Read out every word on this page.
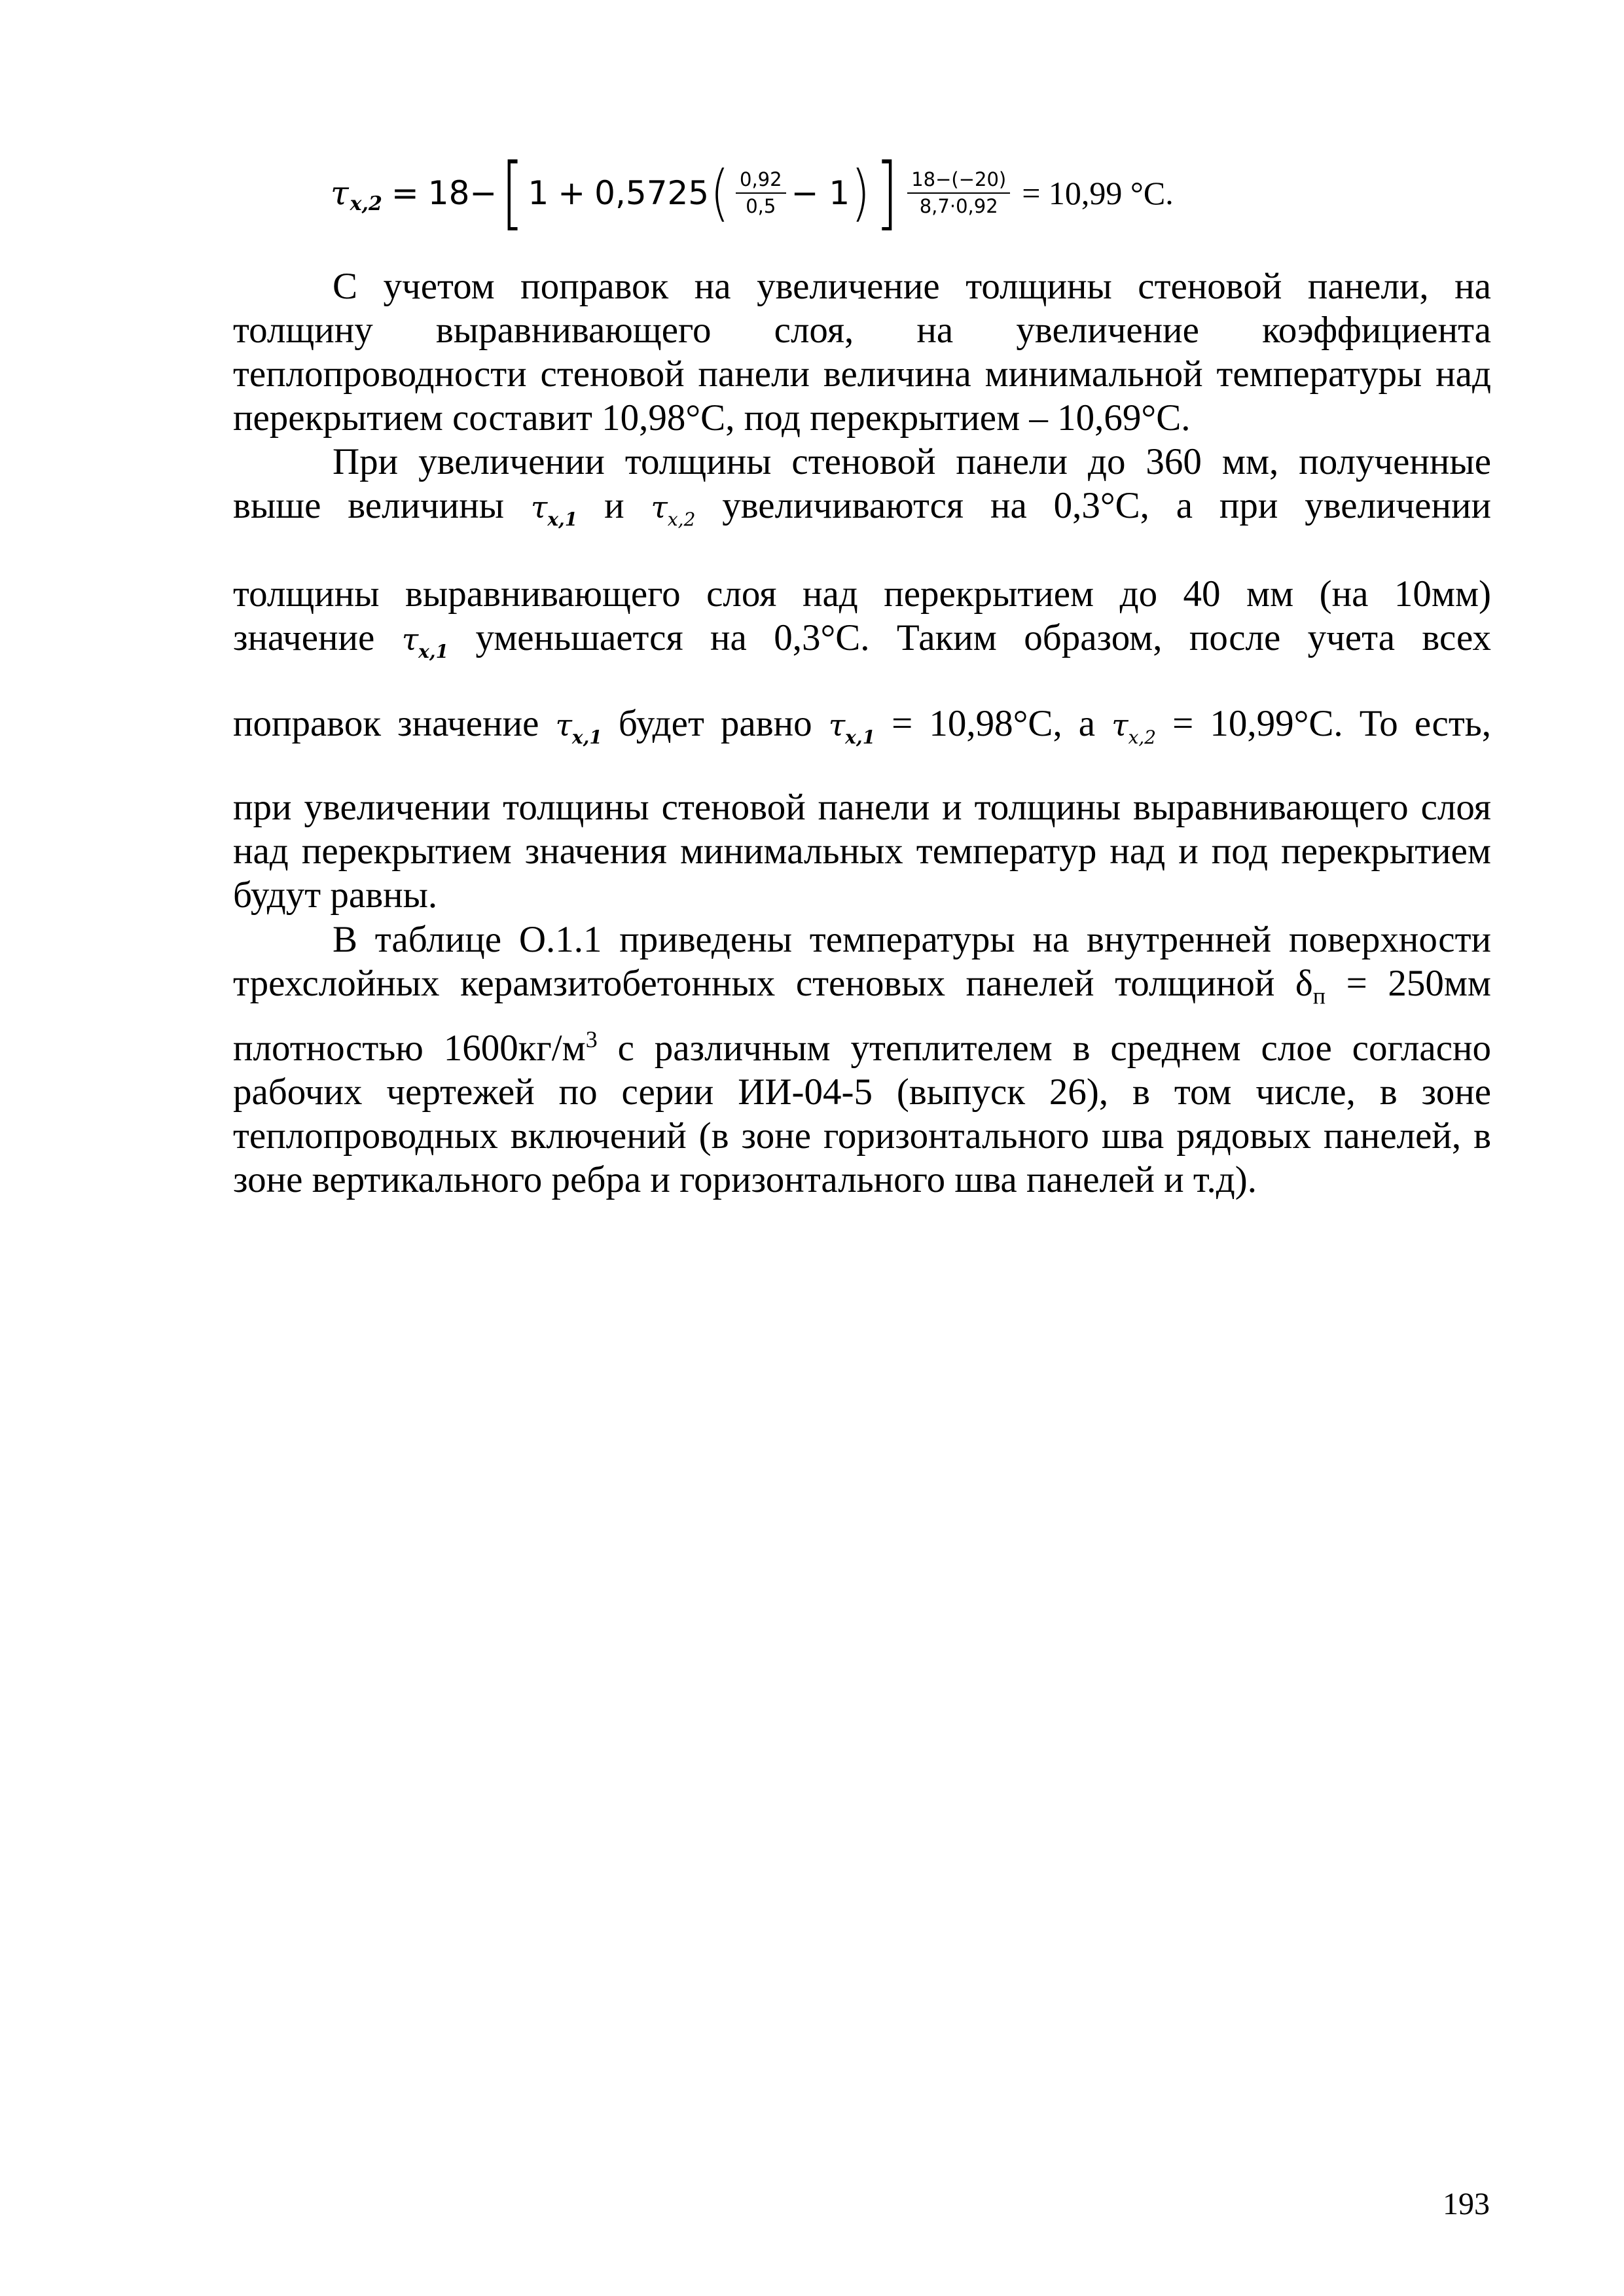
τ x,2 = 18 − [ 1 + 0,5725 ( $\frac{0,92}{0,5} - 1$ ) ] $\frac{18-(-20)}{8,7\cdot 0,92} = 10,99$ °С.

С учетом поправок на увеличение толщины стеновой панели, на толщину выравнивающего слоя, на увеличение коэффициента теплопроводности стеновой панели величина минимальной температуры над перекрытием составит 10,98°С, под перекрытием – 10,69°С.

При увеличении толщины стеновой панели до 360 мм, полученные

выше величины $\tau_{x,1}$ и $\tau_{x,2}$ увеличиваются на 0,3°С, а при увеличении

толщины выравнивающего слоя над перекрытием до 40 мм (на 10мм)

значение $\tau_{x,1}$ уменьшается на 0,3°С. Таким образом, после учета всех

поправок значение $\tau_{x,1}$ будет равно $\tau_{x,1} = 10,98^\circ С$, а $\tau_{x,2} = 10,99^\circ С$. То есть,

при увеличении толщины стеновой панели и толщины выравнивающего слоя над перекрытием значения минимальных температур над и под перекрытием будут равны.

В таблице О.1.1 приведены температуры на внутренней поверхности трехслойных керамзитобетонных стеновых панелей толщиной $\delta_п = 250мм$ плотностью $1600кг/м^3$ с различным утеплителем в среднем слое согласно рабочих чертежей по серии ИИ-04-5 (выпуск 26), в том числе, в зоне теплопроводных включений (в зоне горизонтального шва рядовых панелей, в зоне вертикального ребра и горизонтального шва панелей и т.д).

193
